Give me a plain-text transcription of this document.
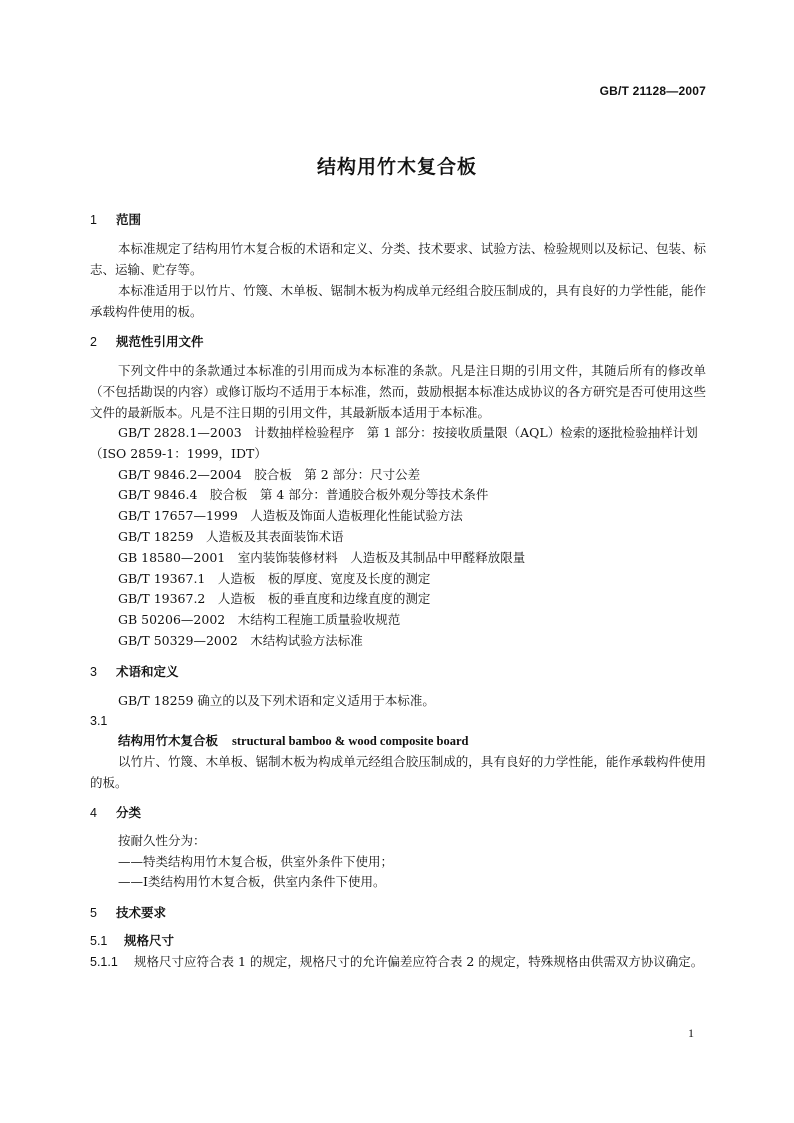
GB/T 21128—2007
结构用竹木复合板

1 范围

本标准规定了结构用竹木复合板的术语和定义、分类、技术要求、试验方法、检验规则以及标记、包装、标志、运输、贮存等。

本标准适用于以竹片、竹篾、木单板、锯制木板为构成单元经组合胶压制成的，具有良好的力学性能，能作承载构件使用的板。

2 规范性引用文件

下列文件中的条款通过本标准的引用而成为本标准的条款。凡是注日期的引用文件，其随后所有的修改单（不包括勘误的内容）或修订版均不适用于本标准，然而，鼓励根据本标准达成协议的各方研究是否可使用这些文件的最新版本。凡是不注日期的引用文件，其最新版本适用于本标准。

GB/T 2828.1—2003　计数抽样检验程序　第 1 部分：按接收质量限（AQL）检索的逐批检验抽样计划（ISO 2859-1：1999，IDT）

GB/T 9846.2—2004　胶合板　第 2 部分：尺寸公差

GB/T 9846.4　胶合板　第 4 部分：普通胶合板外观分等技术条件

GB/T 17657—1999　人造板及饰面人造板理化性能试验方法

GB/T 18259　人造板及其表面装饰术语

GB 18580—2001　室内装饰装修材料　人造板及其制品中甲醛释放限量

GB/T 19367.1　人造板　板的厚度、宽度及长度的测定

GB/T 19367.2　人造板　板的垂直度和边缘直度的测定

GB 50206—2002　木结构工程施工质量验收规范

GB/T 50329—2002　木结构试验方法标准

3 术语和定义

GB/T 18259 确立的以及下列术语和定义适用于本标准。

3.1

结构用竹木复合板 structural bamboo & wood composite board

以竹片、竹篾、木单板、锯制木板为构成单元经组合胶压制成的，具有良好的力学性能，能作承载构件使用的板。

4 分类

按耐久性分为：

——特类结构用竹木复合板，供室外条件下使用；

——Ⅰ类结构用竹木复合板，供室内条件下使用。

5 技术要求

5.1 规格尺寸

5.1.1 规格尺寸应符合表 1 的规定，规格尺寸的允许偏差应符合表 2 的规定，特殊规格由供需双方协议确定。

1
